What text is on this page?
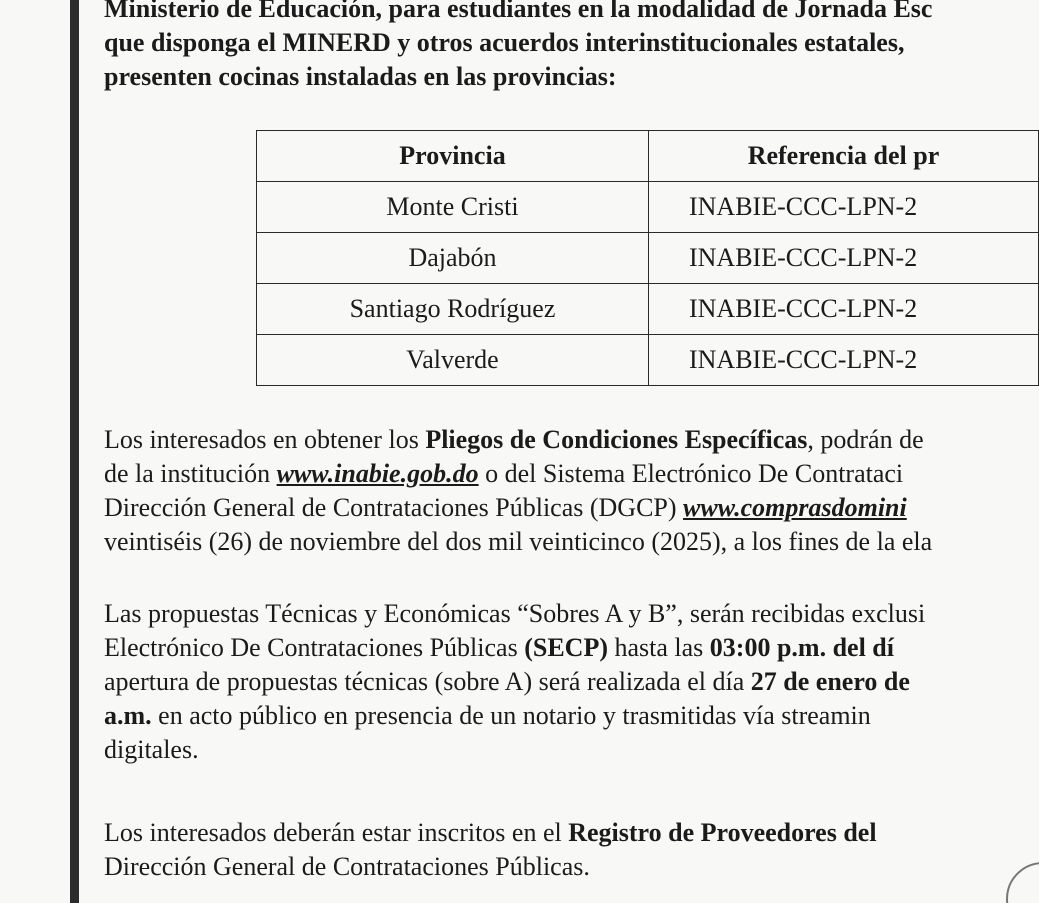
Ministerio de Educación, para estudiantes en la modalidad de Jornada Esc
que disponga el MINERD y otros acuerdos interinstitucionales estatales,
presenten cocinas instaladas en las provincias:
Provincia	Referencia del pr
Monte Cristi	INABIE-CCC-LPN-2
Dajabón	INABIE-CCC-LPN-2
Santiago Rodríguez	INABIE-CCC-LPN-2
Valverde	INABIE-CCC-LPN-2
Los interesados en obtener los Pliegos de Condiciones Específicas, podrán de
de la institución www.inabie.gob.do o del Sistema Electrónico De Contrataci
Dirección General de Contrataciones Públicas (DGCP) www.comprasdomini
veintiséis (26) de noviembre del dos mil veinticinco (2025), a los fines de la ela
Las propuestas Técnicas y Económicas “Sobres A y B”, serán recibidas exclusi
Electrónico De Contrataciones Públicas (SECP) hasta las 03:00 p.m. del dí
apertura de propuestas técnicas (sobre A) será realizada el día 27 de enero de
a.m. en acto público en presencia de un notario y trasmitidas vía streamin
digitales.
Los interesados deberán estar inscritos en el Registro de Proveedores del
Dirección General de Contrataciones Públicas.
